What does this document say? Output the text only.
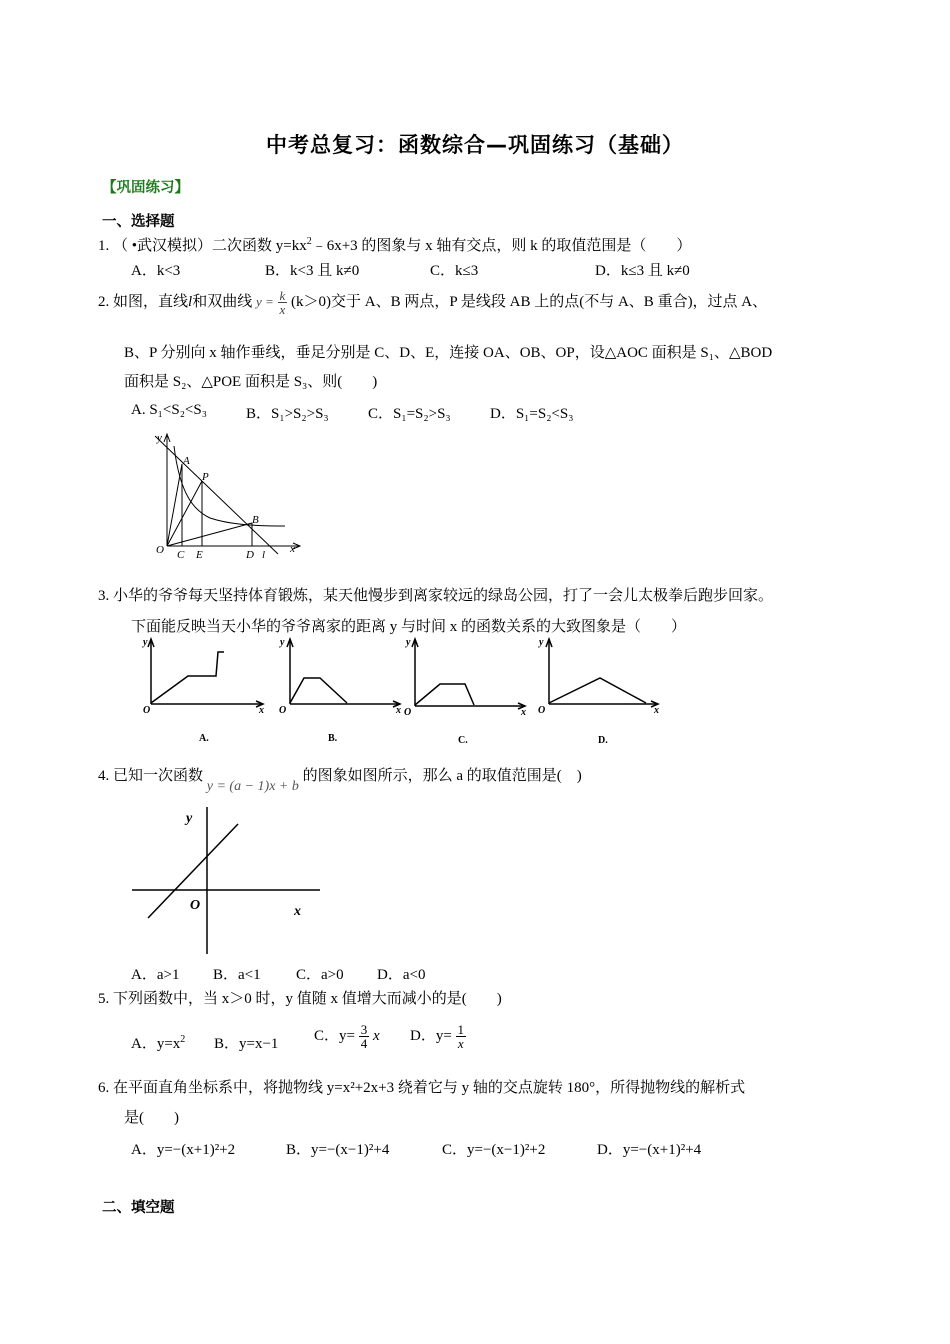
中考总复习：函数综合—巩固练习（基础）
【巩固练习】
一、选择题
1. （ •武汉模拟）二次函数 $y=kx^2﹣6x+3$ 的图象与 x 轴有交点，则 k 的取值范围是（　　）
A．k<3	B．k<3 且 k≠0	C．k≤3	D．k≤3 且 k≠0
2. 如图，直线l和双曲线 $y = \frac{k}{x} (k>0)$交于 A、B 两点，P 是线段 AB 上的点(不与 A、B 重合)，过点 A、
B、P 分别向 x 轴作垂线，垂足分别是 C、D、E，连接 OA、OB、OP，设△AOC 面积是 S₁、△BOD
面积是 S₂、△POE 面积是 S₃、则(　　)
A. S₁<S₂<S₃	B．S₁>S₂>S₃	C．S₁=S₂>S₃	D．S₁=S₂<S₃
y
x
O
A
P
B
C E	D l
3. 小华的爷爷每天坚持体育锻炼，某天他慢步到离家较远的绿岛公园，打了一会儿太极拳后跑步回家。
下面能反映当天小华的爷爷离家的距离 y 与时间 x 的函数关系的大致图象是（　　）
y
O	x
y
O	x
y
O	x
y
O	x
A.	B.	C.	D.
4. 已知一次函数 y = (a − 1)x + b 的图象如图所示，那么 a 的取值范围是(　)
y
x
O
A．a>1 B．a<1 C．a>0 D．a<0
5. 下列函数中，当 x＞0 时，y 值随 x 值增大而减小的是(　　)
A．$y=x^2$ B．y=x−1 C．$y= \frac{3}{4}$ x D．$y= \frac{1}{x}$
6. 在平面直角坐标系中，将抛物线 y=x²+2x+3 绕着它与 y 轴的交点旋转 180°，所得抛物线的解析式
是(　　)
A．y=−(x+1)²+2	B．y=−(x−1)²+4	C．y=−(x−1)²+2	D．y=−(x+1)²+4
二、填空题
